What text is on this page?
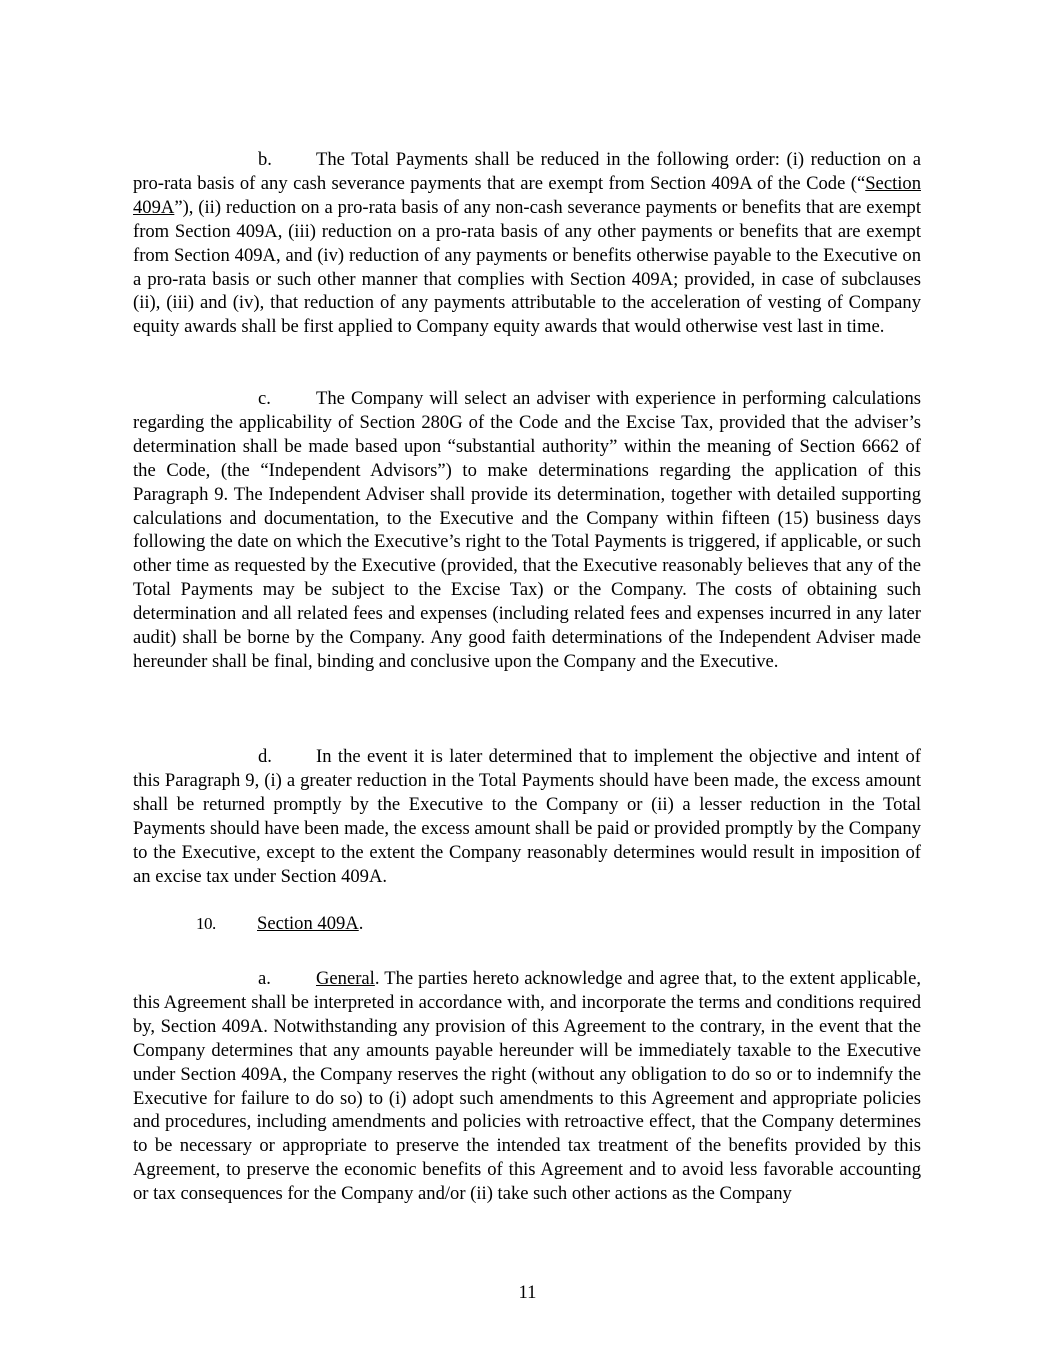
b. The Total Payments shall be reduced in the following order: (i) reduction on a pro-rata basis of any cash severance payments that are exempt from Section 409A of the Code (“Section 409A”), (ii) reduction on a pro-rata basis of any non-cash severance payments or benefits that are exempt from Section 409A, (iii) reduction on a pro-rata basis of any other payments or benefits that are exempt from Section 409A, and (iv) reduction of any payments or benefits otherwise payable to the Executive on a pro-rata basis or such other manner that complies with Section 409A; provided, in case of subclauses (ii), (iii) and (iv), that reduction of any payments attributable to the acceleration of vesting of Company equity awards shall be first applied to Company equity awards that would otherwise vest last in time.

c. The Company will select an adviser with experience in performing calculations regarding the applicability of Section 280G of the Code and the Excise Tax, provided that the adviser’s determination shall be made based upon “substantial authority” within the meaning of Section 6662 of the Code, (the “Independent Advisors”) to make determinations regarding the application of this Paragraph 9. The Independent Adviser shall provide its determination, together with detailed supporting calculations and documentation, to the Executive and the Company within fifteen (15) business days following the date on which the Executive’s right to the Total Payments is triggered, if applicable, or such other time as requested by the Executive (provided, that the Executive reasonably believes that any of the Total Payments may be subject to the Excise Tax) or the Company. The costs of obtaining such determination and all related fees and expenses (including related fees and expenses incurred in any later audit) shall be borne by the Company. Any good faith determinations of the Independent Adviser made hereunder shall be final, binding and conclusive upon the Company and the Executive.

d. In the event it is later determined that to implement the objective and intent of this Paragraph 9, (i) a greater reduction in the Total Payments should have been made, the excess amount shall be returned promptly by the Executive to the Company or (ii) a lesser reduction in the Total Payments should have been made, the excess amount shall be paid or provided promptly by the Company to the Executive, except to the extent the Company reasonably determines would result in imposition of an excise tax under Section 409A.

10. Section 409A.

a. General. The parties hereto acknowledge and agree that, to the extent applicable, this Agreement shall be interpreted in accordance with, and incorporate the terms and conditions required by, Section 409A. Notwithstanding any provision of this Agreement to the contrary, in the event that the Company determines that any amounts payable hereunder will be immediately taxable to the Executive under Section 409A, the Company reserves the right (without any obligation to do so or to indemnify the Executive for failure to do so) to (i) adopt such amendments to this Agreement and appropriate policies and procedures, including amendments and policies with retroactive effect, that the Company determines to be necessary or appropriate to preserve the intended tax treatment of the benefits provided by this Agreement, to preserve the economic benefits of this Agreement and to avoid less favorable accounting or tax consequences for the Company and/or (ii) take such other actions as the Company

11
